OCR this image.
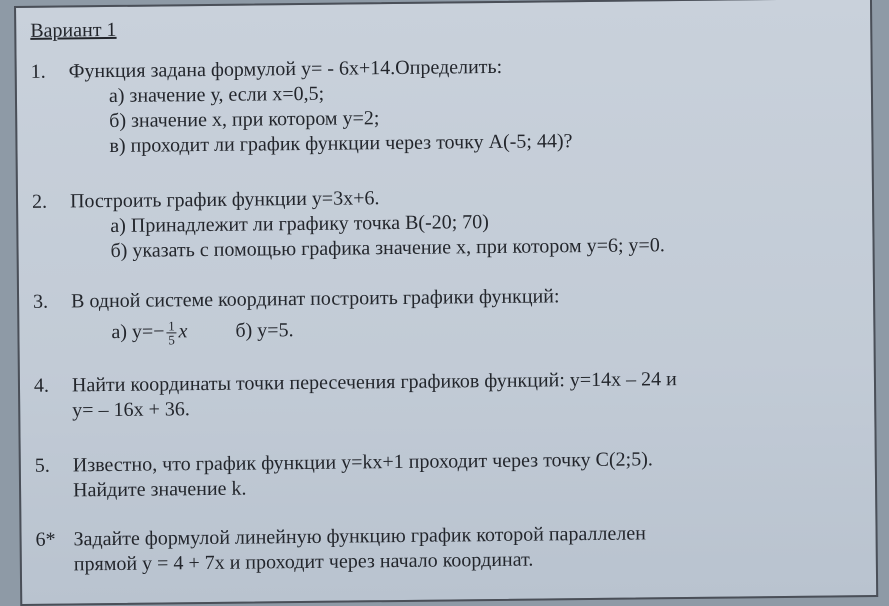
Вариант 1
1. Функция задана формулой у= - 6х+14.Определить:
а) значение у, если х=0,5;
б) значение х, при котором у=2;
в) проходит ли график функции через точку А(-5; 44)?
2. Построить график функции у=3х+6.
а) Принадлежит ли графику точка В(-20; 70)
б) указать с помощью графика значение х, при котором у=6; у=0.
3. В одной системе координат построить графики функций:
а) $у=- \frac{1}{5}$ x б) у=5.
4. Найти координаты точки пересечения графиков функций: у=14х – 24 и
у= – 16х + 36.
5. Известно, что график функции у=kх+1 проходит через точку С(2;5).
Найдите значение k.
6* Задайте формулой линейную функцию график которой параллелен
прямой у = 4 + 7х и проходит через начало координат.
